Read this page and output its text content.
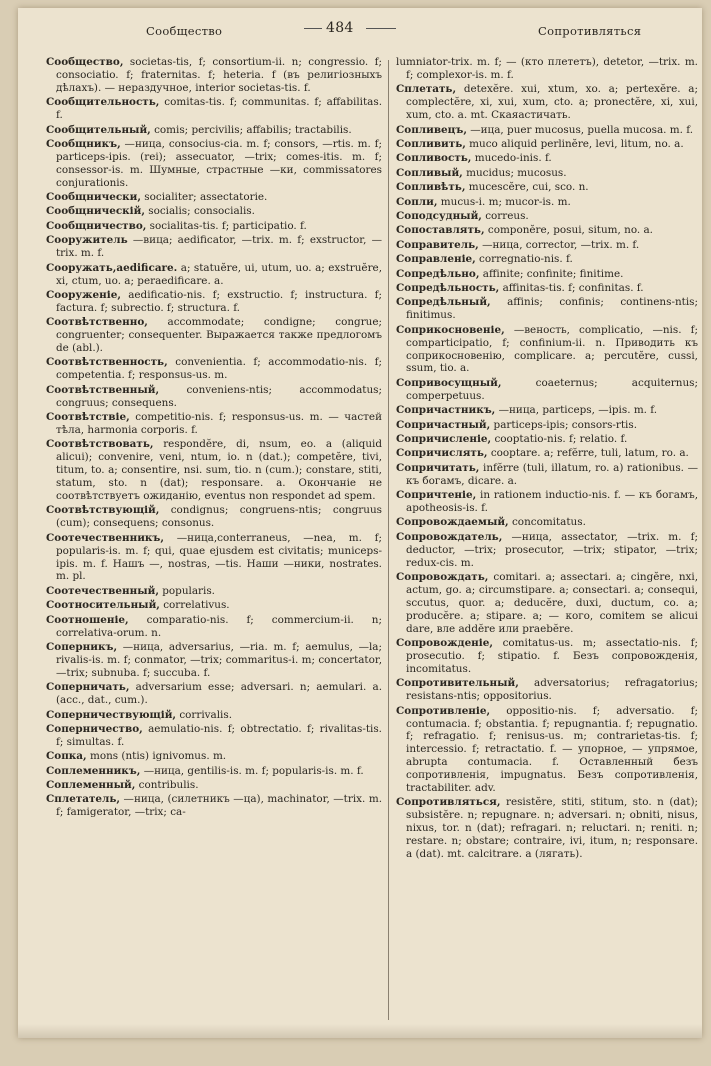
Сообщество	484	Сопротивляться

Сообщество, societas-tis, f; consortium-ii. n; congressio. f; consociatio. f; fraternitas. f; heteria. f (въ религіозныхъ дѣлахъ). — нераздучное, interior societas-tis. f.

Сообщительность, comitas-tis. f; communitas. f; affabilitas. f.

Сообщительный, comis; percivilis; affabilis; tractabilis.

Сообщникъ, —ница, consocius-cia. m. f; consors, —rtis. m. f; particeps-ipis. (rei); assecuator, —trix; comes-itis. m. f; consessor-is. m. Шумные, страстные —ки, commissatores conjurationis.

Сообщнически, socialiter; assectatorie.

Сообщническій, socialis; consocialis.

Сообщничество, socialitas-tis. f; participatio. f.

Сооружитель —вица; aedificator, —trix. m. f; exstructor, —trix. m. f.

Сооружать,aedificare. a; statuĕre, ui, utum, uo. a; exstruĕre, xi, ctum, uo. a; peraedificare. a.

Сооруженіе, aedificatio-nis. f; exstructio. f; instructura. f; factura. f; subrectio. f; structura. f.

Соотвѣтственно, accommodate; condigne; congrue; congruenter; consequenter. Выражается также предлогомъ de (abl.).

Соотвѣтственность, convenientia. f; accommodatio-nis. f; competentia. f; responsus-us. m.

Соотвѣтственный, conveniens-ntis; accommodatus; congruus; consequens.

Соотвѣтствіе, competitio-nis. f; responsus-us. m. — частей тѣла, harmonia corporis. f.

Соотвѣтствовать, respondĕre, di, nsum, eo. a (aliquid alicui); convenire, veni, ntum, io. n (dat.); competĕre, tivi, titum, to. a; consentire, nsi. sum, tio. n (cum.); constare, stiti, statum, sto. n (dat); responsare. a. Окончаніе не соотвѣтствуетъ ожиданію, eventus non respondet ad spem.

Соотвѣтствующій, condignus; congruens-ntis; congruus (cum); consequens; consonus.

Соотечественникъ, —ница,conterraneus, —nea, m. f; popularis-is. m. f; qui, quae ejusdem est civitatis; municeps-ipis. m. f. Нашъ —, nostras, —tis. Наши —ники, nostrates. m. pl.

Соотечественный, popularis.

Соотносительный, correlativus.

Соотношеніе, comparatio-nis. f; commercium-ii. n; correlativa-orum. n.

Соперникъ, —ница, adversarius, —ria. m. f; aemulus, —la; rivalis-is. m. f; conmator, —trix; commaritus-i. m; concertator, —trix; subnuba. f; succuba. f.

Соперничать, adversarium esse; adversari. n; aemulari. a. (acc., dat., cum.).

Соперничествующій, corrivalis.

Соперничество, aemulatio-nis. f; obtrectatio. f; rivalitas-tis. f; simultas. f.

Сопка, mons (ntis) ignivomus. m.

Соплеменникъ, —ница, gentilis-is. m. f; popularis-is. m. f.

Соплеменный, contribulis.

Сплетатель, —ница, (силетникъ —ца), machinator, —trix. m. f; famigerator, —trix; ca-

lumniator-trix. m. f; — (кто плететъ), detetor, —trix. m. f; complexor-is. m. f.

Сплетать, detexĕre. xui, xtum, xo. a; pertexĕre. a; complectĕre, xi, xui, xum, cto. a; pronectĕre, xi, xui, xum, cto. a. mt. Скаяастичать.

Сопливецъ, —ица, puer mucosus, puella mucosa. m. f.

Сопливить, muco aliquid perlinĕre, levi, litum, no. a.

Сопливость, mucedo-inis. f.

Сопливый, mucidus; mucosus.

Сопливѣть, mucescĕre, cui, sco. n.

Сопли, mucus-i. m; mucor-is. m.

Соподсудный, correus.

Сопоставлять, componĕre, posui, situm, no. a.

Соправитель, —ница, corrector, —trix. m. f.

Соправленіе, corregnatio-nis. f.

Сопредѣльно, affinite; confinite; finitime.

Сопредѣльность, affinitas-tis. f; confinitas. f.

Сопредѣльный, affinis; confinis; continens-ntis; finitimus.

Соприкосновеніе, —веность, complicatio, —nis. f; comparticipatio, f; confinium-ii. n. Приводить къ соприкосновенію, complicare. a; percutĕre, cussi, ssum, tio. a.

Сопривосущный, coaeternus; acquiternus; comperpetuus.

Сопричастникъ, —ница, particeps, —ipis. m. f.

Сопричастный, particeps-ipis; consors-rtis.

Сопричисленіе, cooptatio-nis. f; relatio. f.

Сопричислять, cooptare. a; refĕrre, tuli, latum, ro. a.

Сопричитать, infĕrre (tuli, illatum, ro. a) rationibus. — къ богамъ, dicare. a.

Сопричтеніе, in rationem inductio-nis. f. — къ богамъ, apotheosis-is. f.

Сопровождаемый, concomitatus.

Сопровождатель, —ница, assectator, —trix. m. f; deductor, —trix; prosecutor, —trix; stipator, —trix; redux-cis. m.

Сопровождать, comitari. a; assectari. a; cingĕre, nxi, actum, go. a; circumstipare. a; consectari. a; consequi, sccutus, quor. a; deducĕre, duxi, ductum, co. a; producĕre. a; stipare. a; — кого, comitem se alicui dare, вле addĕre или praebĕre.

Сопровожденіе, comitatus-us. m; assectatio-nis. f; prosecutio. f; stipatio. f. Безъ сопровожденія, incomitatus.

Сопротивительный, adversatorius; refragatorius; resistans-ntis; oppositorius.

Сопротивленіе, oppositio-nis. f; adversatio. f; contumacia. f; obstantia. f; repugnantia. f; repugnatio. f; refragatio. f; renisus-us. m; contrarietas-tis. f; intercessio. f; retractatio. f. — упорное, — упрямое, abrupta contumacia. f. Оставленный безъ сопротивленія, impugnatus. Безъ сопротивленія, tractabiliter. adv.

Сопротивляться, resistĕre, stiti, stitum, sto. n (dat); subsistĕre. n; repugnare. n; adversari. n; obniti, nisus, nixus, tor. n (dat); refragari. n; reluctari. n; reniti. n; restare. n; obstare; contraire, ivi, itum, n; responsare. a (dat). mt. calcitrare. a (лягать).
